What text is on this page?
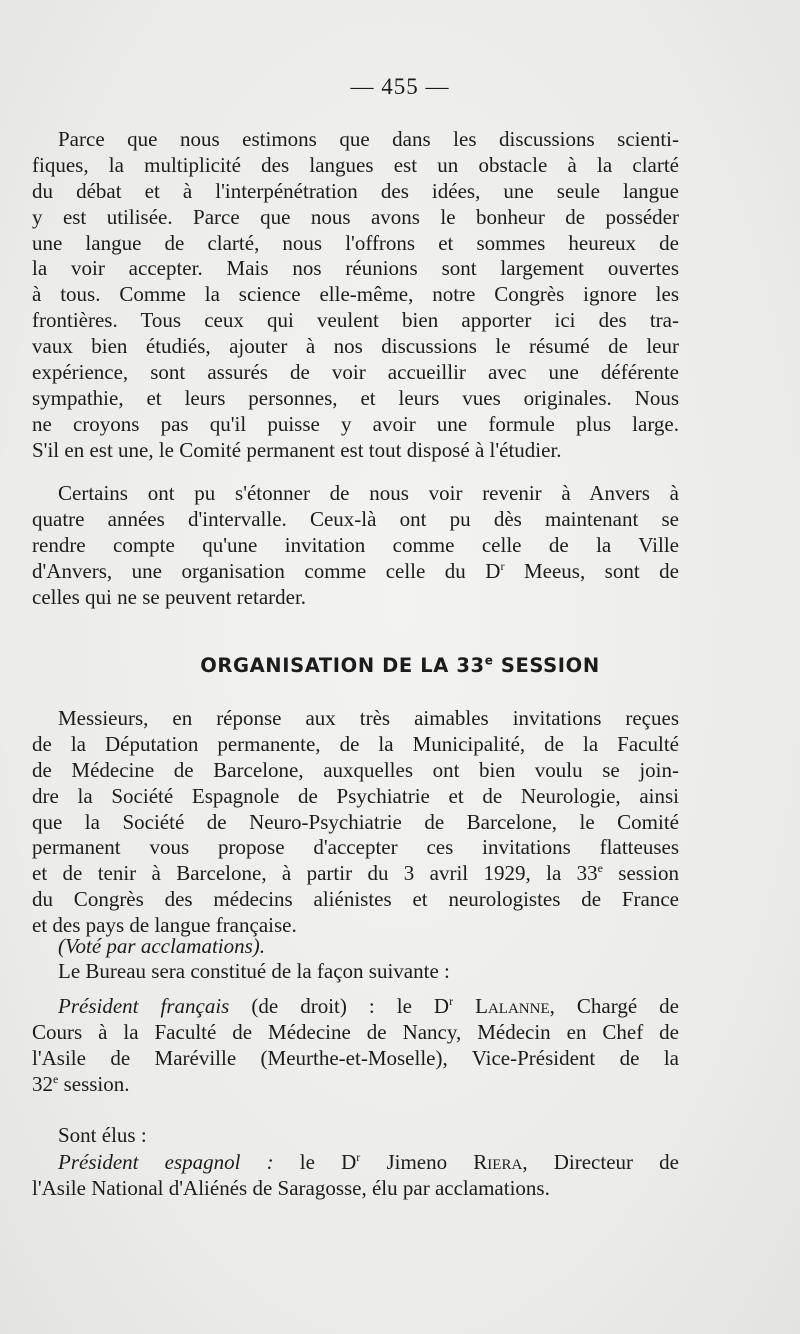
— 455 —
Parce que nous estimons que dans les discussions scienti-
fiques, la multiplicité des langues est un obstacle à la clarté
du débat et à l'interpénétration des idées, une seule langue
y est utilisée. Parce que nous avons le bonheur de posséder
une langue de clarté, nous l'offrons et sommes heureux de
la voir accepter. Mais nos réunions sont largement ouvertes
à tous. Comme la science elle-même, notre Congrès ignore les
frontières. Tous ceux qui veulent bien apporter ici des tra-
vaux bien étudiés, ajouter à nos discussions le résumé de leur
expérience, sont assurés de voir accueillir avec une déférente
sympathie, et leurs personnes, et leurs vues originales. Nous
ne croyons pas qu'il puisse y avoir une formule plus large.
S'il en est une, le Comité permanent est tout disposé à l'étudier.
Certains ont pu s'étonner de nous voir revenir à Anvers à
quatre années d'intervalle. Ceux-là ont pu dès maintenant se
rendre compte qu'une invitation comme celle de la Ville
d'Anvers, une organisation comme celle du $D^r$ Meeus, sont de
celles qui ne se peuvent retarder.
ORGANISATION DE LA 33e SESSION
Messieurs, en réponse aux très aimables invitations reçues
de la Députation permanente, de la Municipalité, de la Faculté
de Médecine de Barcelone, auxquelles ont bien voulu se join-
dre la Société Espagnole de Psychiatrie et de Neurologie, ainsi
que la Société de Neuro-Psychiatrie de Barcelone, le Comité
permanent vous propose d'accepter ces invitations flatteuses
et de tenir à Barcelone, à partir du 3 avril 1929, la 33e session
du Congrès des médecins aliénistes et neurologistes de France
et des pays de langue française.
(Voté par acclamations).
Le Bureau sera constitué de la façon suivante :
Président français (de droit) : le $D^r$ Lalanne, Chargé de
Cours à la Faculté de Médecine de Nancy, Médecin en Chef de
l'Asile de Maréville (Meurthe-et-Moselle), Vice-Président de la
32e session.
Sont élus :
Président espagnol : le $D^r$ Jimeno Riera, Directeur de
l'Asile National d'Aliénés de Saragosse, élu par acclamations.
